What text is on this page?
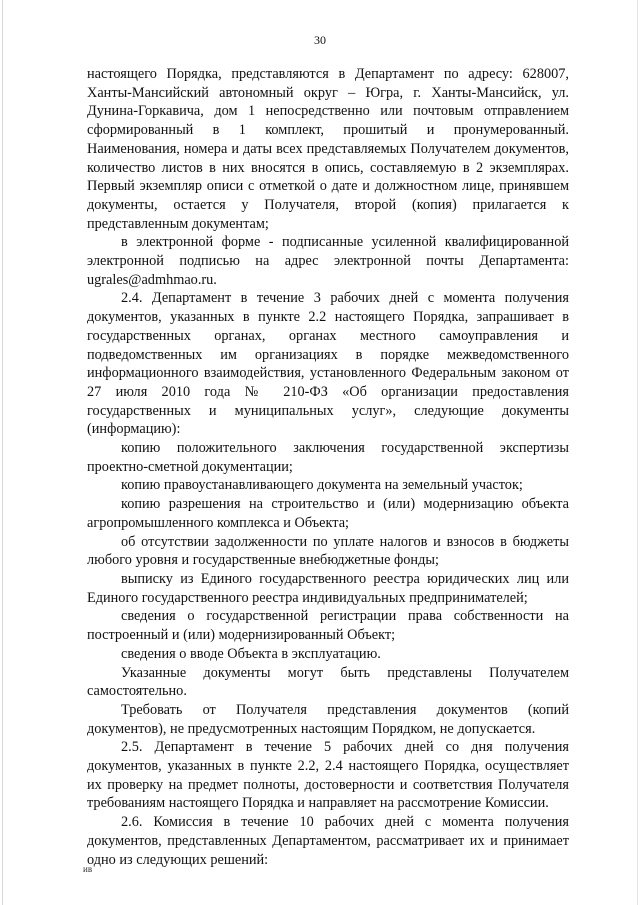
30

настоящего Порядка, представляются в Департамент по адресу: 628007, Ханты-Мансийский автономный округ – Югра, г. Ханты-Мансийск, ул. Дунина-Горкавича, дом 1 непосредственно или почтовым отправлением сформированный в 1 комплект, прошитый и пронумерованный. Наименования, номера и даты всех представляемых Получателем документов, количество листов в них вносятся в опись, составляемую в 2 экземплярах. Первый экземпляр описи с отметкой о дате и должностном лице, принявшем документы, остается у Получателя, второй (копия) прилагается к представленным документам;

в электронной форме - подписанные усиленной квалифицированной электронной подписью на адрес электронной почты Департамента: ugrales@admhmao.ru.

2.4. Департамент в течение 3 рабочих дней с момента получения документов, указанных в пункте 2.2 настоящего Порядка, запрашивает в государственных органах, органах местного самоуправления и подведомственных им организациях в порядке межведомственного информационного взаимодействия, установленного Федеральным законом от 27 июля 2010 года № 210-ФЗ «Об организации предоставления государственных и муниципальных услуг», следующие документы (информацию):

копию положительного заключения государственной экспертизы проектно-сметной документации;

копию правоустанавливающего документа на земельный участок;

копию разрешения на строительство и (или) модернизацию объекта агропромышленного комплекса и Объекта;

об отсутствии задолженности по уплате налогов и взносов в бюджеты любого уровня и государственные внебюджетные фонды;

выписку из Единого государственного реестра юридических лиц или Единого государственного реестра индивидуальных предпринимателей;

сведения о государственной регистрации права собственности на построенный и (или) модернизированный Объект;

сведения о вводе Объекта в эксплуатацию.

Указанные документы могут быть представлены Получателем самостоятельно.

Требовать от Получателя представления документов (копий документов), не предусмотренных настоящим Порядком, не допускается.

2.5. Департамент в течение 5 рабочих дней со дня получения документов, указанных в пункте 2.2, 2.4 настоящего Порядка, осуществляет их проверку на предмет полноты, достоверности и соответствия Получателя требованиям настоящего Порядка и направляет на рассмотрение Комиссии.

2.6. Комиссия в течение 10 рабочих дней с момента получения документов, представленных Департаментом, рассматривает их и принимает одно из следующих решений:

ив
